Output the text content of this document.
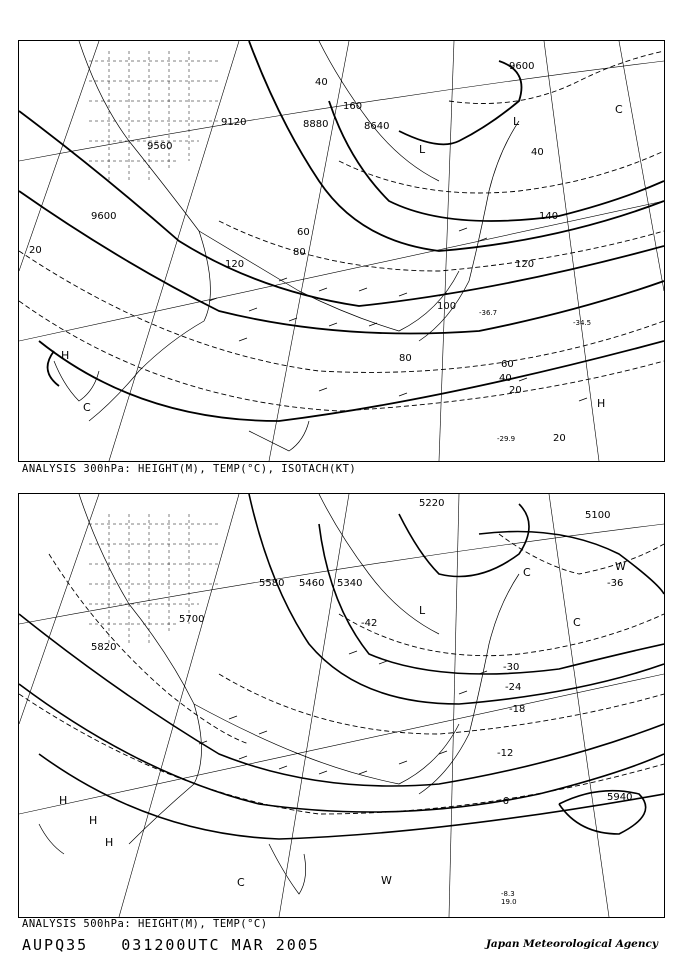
9600
9120	8880
9560
8640
9600
20
40
60
80
100
120
140
160
120
80
60
40
20
40
20
H
C
L
L
C
H
-29.9
-36.7
-34.5
ANALYSIS 300hPa: HEIGHT(M), TEMP(°C), ISOTACH(KT)
5820
5700
5580 5460 5340
5220
5100
5940
-36
-42
-30
-24
-18
-12
-6
H
H
H
C
C
W
C
L
W
-8.3
19.0
ANALYSIS 500hPa: HEIGHT(M), TEMP(°C)
AUPQ35 031200UTC MAR 2005	Japan Meteorological Agency
